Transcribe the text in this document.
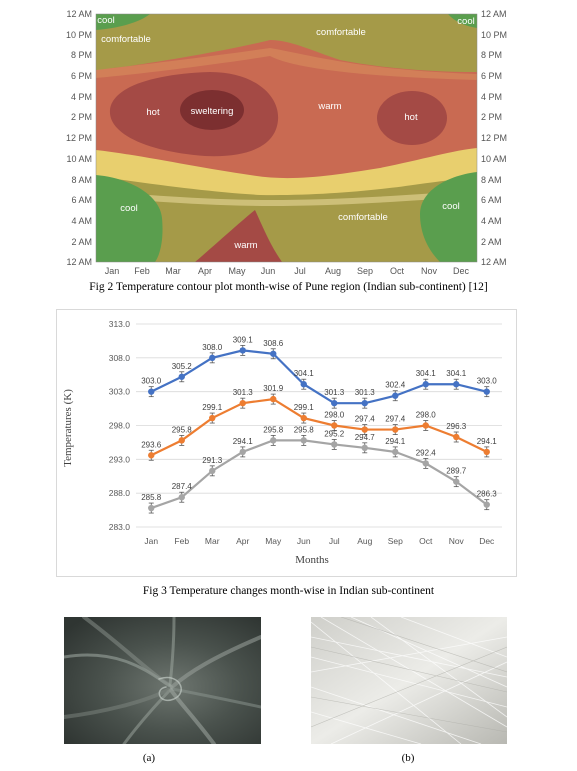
cool	cool
comfortable
comfortable
hot	sweltering	warm
hot
cool
comfortable
cool
warm
12 AM
10 PM
8 PM
6 PM
4 PM
2 PM
12 PM
10 AM
8 AM
6 AM
4 AM
2 AM
12 AM
12 AM
10 PM
8 PM
6 PM
4 PM
2 PM
12 PM
10 AM
8 AM
6 AM
4 AM
2 AM
12 AM
Jan Feb Mar Apr May Jun Jul Aug Sep Oct Nov Dec
Fig 2 Temperature contour plot month-wise of Pune region (Indian sub-continent) [12]
283.0
288.0
293.0
298.0
303.0
308.0
313.0
Jan Feb Mar Apr May Jun Jul Aug Sep Oct Nov Dec
303.0
305.2
308.0
309.1 308.6
304.1
301.3 301.3
302.4
304.1 304.1
303.0
293.6
295.8
299.1
301.3 301.9
299.1
298.0 297.4 297.4 298.0
296.3
294.1
285.8
287.4
291.3
294.1
295.8 295.8 295.2 294.7 294.1
292.4
289.7
286.3
Temperatures (K)
Months
Fig 3 Temperature changes month-wise in Indian sub-continent
(a)	(b)
